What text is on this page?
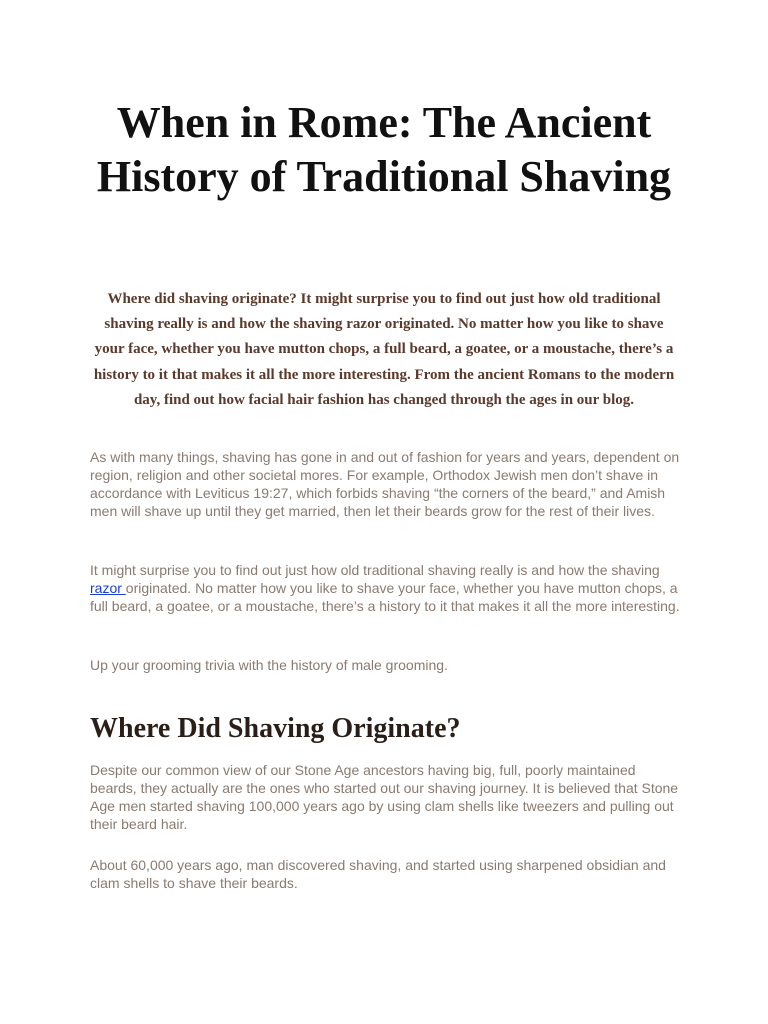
When in Rome: The Ancient History of Traditional Shaving

Where did shaving originate? It might surprise you to find out just how old traditional shaving really is and how the shaving razor originated. No matter how you like to shave your face, whether you have mutton chops, a full beard, a goatee, or a moustache, there’s a history to it that makes it all the more interesting. From the ancient Romans to the modern day, find out how facial hair fashion has changed through the ages in our blog.

As with many things, shaving has gone in and out of fashion for years and years, dependent on region, religion and other societal mores. For example, Orthodox Jewish men don’t shave in accordance with Leviticus 19:27, which forbids shaving “the corners of the beard,” and Amish men will shave up until they get married, then let their beards grow for the rest of their lives.

It might surprise you to find out just how old traditional shaving really is and how the shaving razor originated. No matter how you like to shave your face, whether you have mutton chops, a full beard, a goatee, or a moustache, there’s a history to it that makes it all the more interesting.

Up your grooming trivia with the history of male grooming.

Where Did Shaving Originate?

Despite our common view of our Stone Age ancestors having big, full, poorly maintained beards, they actually are the ones who started out our shaving journey. It is believed that Stone Age men started shaving 100,000 years ago by using clam shells like tweezers and pulling out their beard hair.

About 60,000 years ago, man discovered shaving, and started using sharpened obsidian and clam shells to shave their beards.
